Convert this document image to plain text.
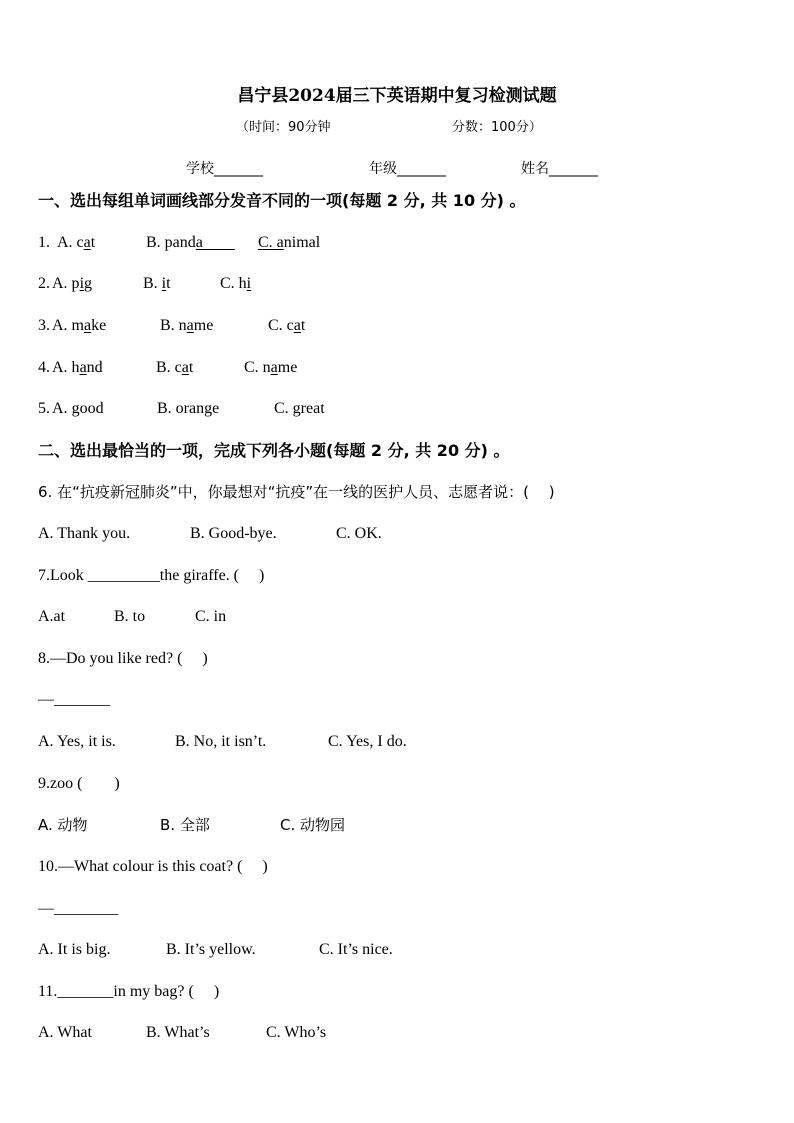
昌宁县2024届三下英语期中复习检测试题
（时间：90分钟	分数：100分）
学校_______	年级_______	姓名_______
一、选出每组单词画线部分发音不同的一项(每题 2 分, 共 10 分) 。
1. A. cat	B. panda  	C. animal
2. A. pig	B. it	C. hi
3. A. make	B. name	C. cat
4. A. hand	B. cat	C. name
5. A. good	B. orange	C. great
二、选出最恰当的一项，完成下列各小题(每题 2 分, 共 20 分) 。
6. 在“抗疫新冠肺炎”中，你最想对“抗疫”在一线的医护人员、志愿者说：(　 )
A. Thank you.	B. Good-bye.	C. OK.
7.Look _________the giraffe. (　 )
A.at	B. to	C. in
8.—Do you like red? (　 )
—_______
A. Yes, it is.	B. No, it isn’t.	C. Yes, I do.
9.zoo (　　)
A. 动物	B. 全部	C. 动物园
10.—What colour is this coat? (　 )
—________
A. It is big.	B. It’s yellow.	C. It’s nice.
11._______in my bag? (　 )
A. What	B. What’s	C. Who’s
